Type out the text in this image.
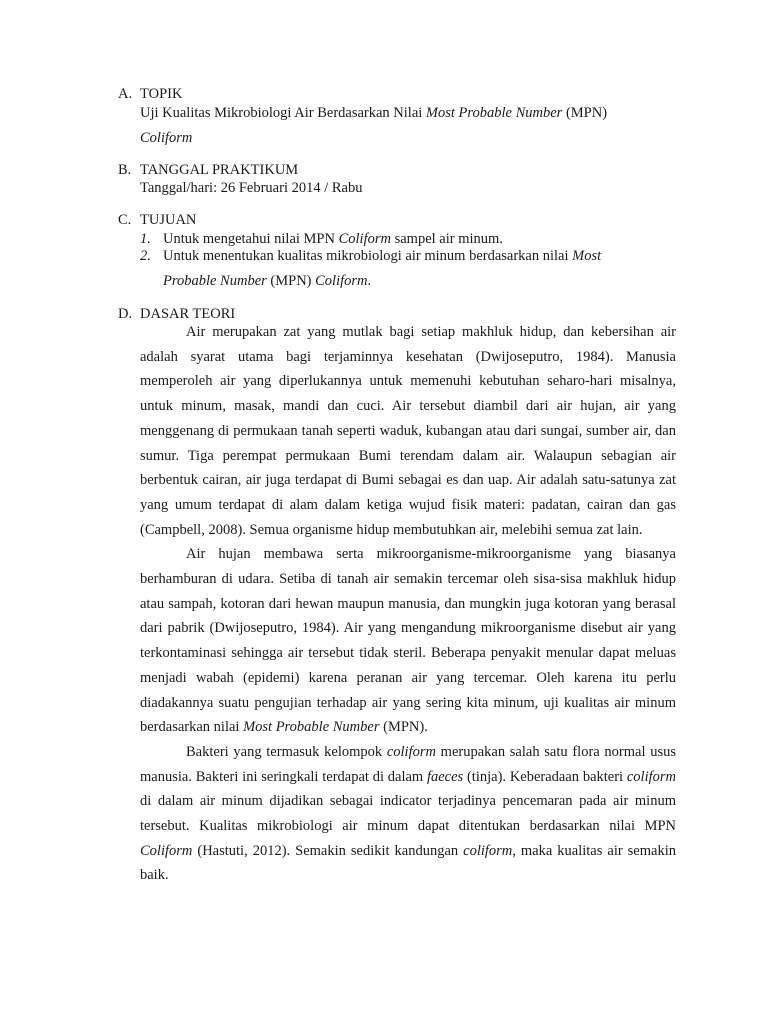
A. TOPIK
Uji Kualitas Mikrobiologi Air Berdasarkan Nilai Most Probable Number (MPN)
Coliform
B. TANGGAL PRAKTIKUM
Tanggal/hari: 26 Februari 2014 / Rabu
C. TUJUAN
1. Untuk mengetahui nilai MPN Coliform sampel air minum.
2. Untuk menentukan kualitas mikrobiologi air minum berdasarkan nilai Most
Probable Number (MPN) Coliform.
D. DASAR TEORI

Air merupakan zat yang mutlak bagi setiap makhluk hidup, dan kebersihan air adalah syarat utama bagi terjaminnya kesehatan (Dwijoseputro, 1984). Manusia memperoleh air yang diperlukannya untuk memenuhi kebutuhan seharo-hari misalnya, untuk minum, masak, mandi dan cuci. Air tersebut diambil dari air hujan, air yang menggenang di permukaan tanah seperti waduk, kubangan atau dari sungai, sumber air, dan sumur. Tiga perempat permukaan Bumi terendam dalam air. Walaupun sebagian air berbentuk cairan, air juga terdapat di Bumi sebagai es dan uap. Air adalah satu-satunya zat yang umum terdapat di alam dalam ketiga wujud fisik materi: padatan, cairan dan gas (Campbell, 2008). Semua organisme hidup membutuhkan air, melebihi semua zat lain.

Air hujan membawa serta mikroorganisme-mikroorganisme yang biasanya berhamburan di udara. Setiba di tanah air semakin tercemar oleh sisa-sisa makhluk hidup atau sampah, kotoran dari hewan maupun manusia, dan mungkin juga kotoran yang berasal dari pabrik (Dwijoseputro, 1984). Air yang mengandung mikroorganisme disebut air yang terkontaminasi sehingga air tersebut tidak steril. Beberapa penyakit menular dapat meluas menjadi wabah (epidemi) karena peranan air yang tercemar. Oleh karena itu perlu diadakannya suatu pengujian terhadap air yang sering kita minum, uji kualitas air minum berdasarkan nilai Most Probable Number (MPN).

Bakteri yang termasuk kelompok coliform merupakan salah satu flora normal usus manusia. Bakteri ini seringkali terdapat di dalam faeces (tinja). Keberadaan bakteri coliform di dalam air minum dijadikan sebagai indicator terjadinya pencemaran pada air minum tersebut. Kualitas mikrobiologi air minum dapat ditentukan berdasarkan nilai MPN Coliform (Hastuti, 2012). Semakin sedikit kandungan coliform, maka kualitas air semakin baik.
